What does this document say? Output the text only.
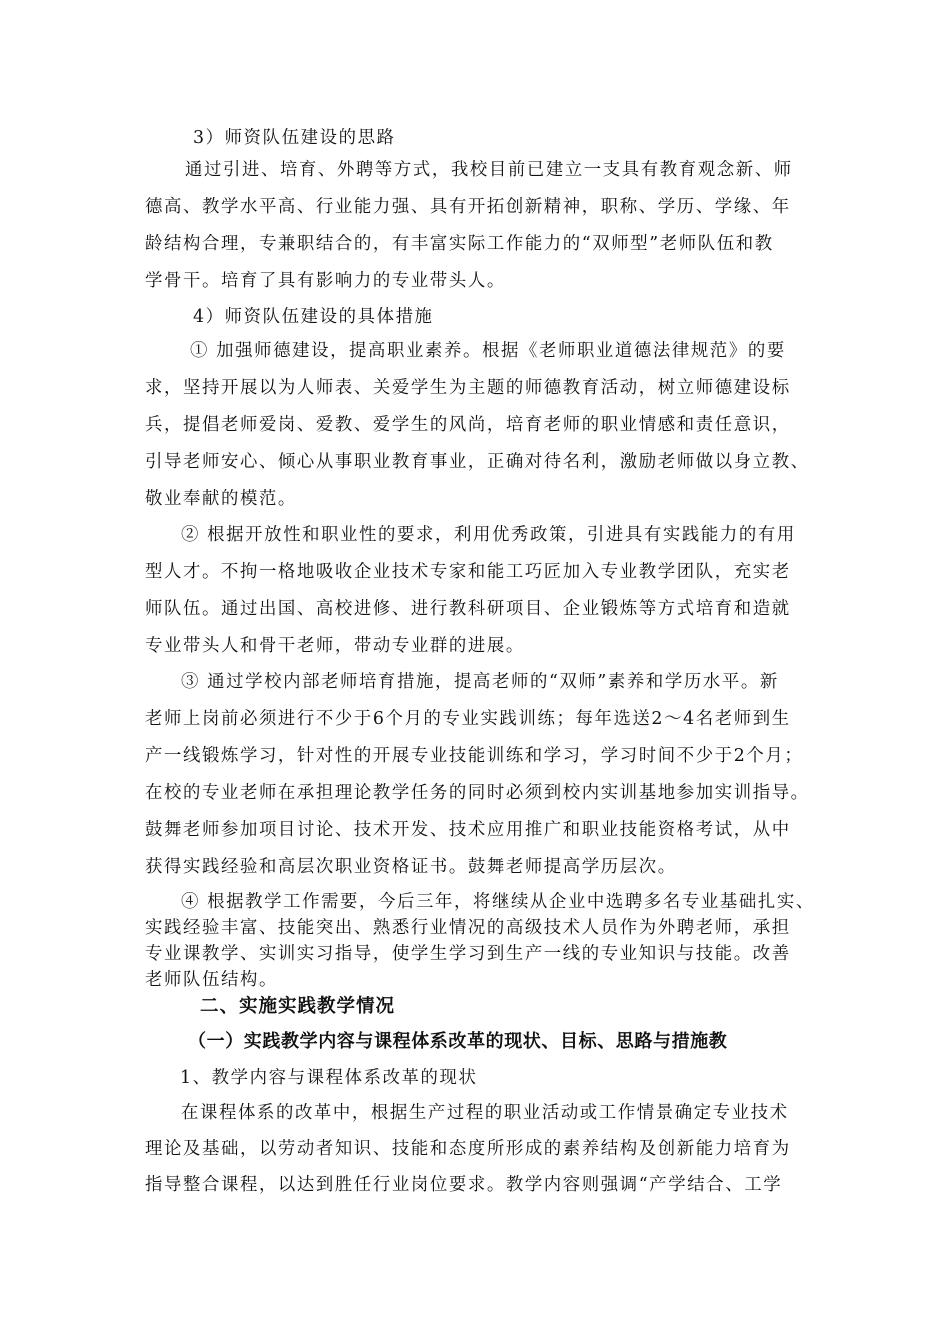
3）师资队伍建设的思路
通过引进、培育、外聘等方式，我校目前已建立一支具有教育观念新、师
德高、教学水平高、行业能力强、具有开拓创新精神，职称、学历、学缘、年
龄结构合理，专兼职结合的，有丰富实际工作能力的“双师型”老师队伍和教
学骨干。培育了具有影响力的专业带头人。
4）师资队伍建设的具体措施
① 加强师德建设，提高职业素养。根据《老师职业道德法律规范》的要
求，坚持开展以为人师表、关爱学生为主题的师德教育活动，树立师德建设标
兵，提倡老师爱岗、爱教、爱学生的风尚，培育老师的职业情感和责任意识，
引导老师安心、倾心从事职业教育事业，正确对待名利，激励老师做以身立教、
敬业奉献的模范。
② 根据开放性和职业性的要求，利用优秀政策，引进具有实践能力的有用
型人才。不拘一格地吸收企业技术专家和能工巧匠加入专业教学团队，充实老
师队伍。通过出国、高校进修、进行教科研项目、企业锻炼等方式培育和造就
专业带头人和骨干老师，带动专业群的进展。
③ 通过学校内部老师培育措施，提高老师的“双师”素养和学历水平。新
老师上岗前必须进行不少于6个月的专业实践训练；每年选送2～4名老师到生
产一线锻炼学习，针对性的开展专业技能训练和学习，学习时间不少于2个月；
在校的专业老师在承担理论教学任务的同时必须到校内实训基地参加实训指导。
鼓舞老师参加项目讨论、技术开发、技术应用推广和职业技能资格考试，从中
获得实践经验和高层次职业资格证书。鼓舞老师提高学历层次。
④ 根据教学工作需要，今后三年，将继续从企业中选聘多名专业基础扎实、
实践经验丰富、技能突出、熟悉行业情况的高级技术人员作为外聘老师，承担
专业课教学、实训实习指导，使学生学习到生产一线的专业知识与技能。改善
老师队伍结构。
二、实施实践教学情况
（一）实践教学内容与课程体系改革的现状、目标、思路与措施教
1、教学内容与课程体系改革的现状
在课程体系的改革中，根据生产过程的职业活动或工作情景确定专业技术
理论及基础，以劳动者知识、技能和态度所形成的素养结构及创新能力培育为
指导整合课程，以达到胜任行业岗位要求。教学内容则强调“产学结合、工学
